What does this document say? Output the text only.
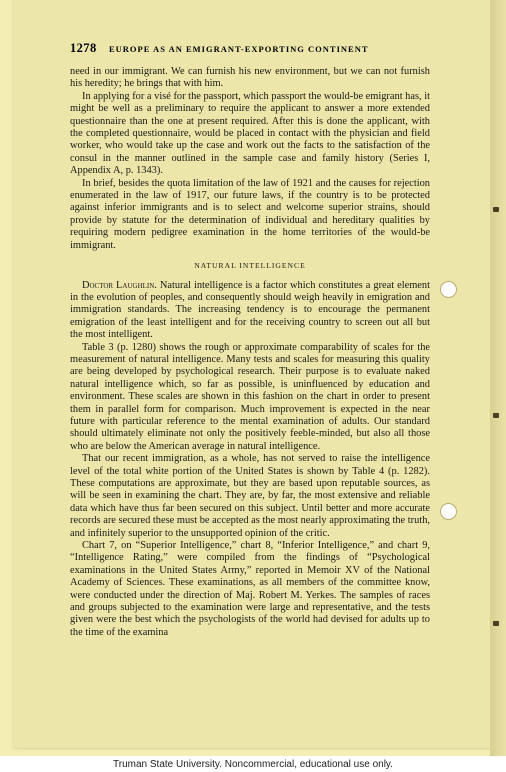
1278 EUROPE AS AN EMIGRANT-EXPORTING CONTINENT

need in our immigrant. We can furnish his new environment, but we can not furnish his heredity; he brings that with him.

In applying for a visé for the passport, which passport the would-be emigrant has, it might be well as a preliminary to require the applicant to answer a more extended questionnaire than the one at present required. After this is done the applicant, with the completed questionnaire, would be placed in contact with the physician and field worker, who would take up the case and work out the facts to the satisfaction of the consul in the manner outlined in the sample case and family history (Series I, Appendix A, p. 1343).

In brief, besides the quota limitation of the law of 1921 and the causes for rejection enumerated in the law of 1917, our future laws, if the country is to be protected against inferior immigrants and is to select and welcome superior strains, should provide by statute for the determination of individual and hereditary qualities by requiring modern pedigree examination in the home territories of the would-be immigrant.

NATURAL INTELLIGENCE

Doctor Laughlin. Natural intelligence is a factor which constitutes a great element in the evolution of peoples, and consequently should weigh heavily in emigration and immigration standards. The increasing tendency is to encourage the permanent emigration of the least intelligent and for the receiving country to screen out all but the most intelligent.

Table 3 (p. 1280) shows the rough or approximate comparability of scales for the measurement of natural intelligence. Many tests and scales for measuring this quality are being developed by psychological research. Their purpose is to evaluate naked natural intelligence which, so far as possible, is uninfluenced by education and environment. These scales are shown in this fashion on the chart in order to present them in parallel form for comparison. Much improvement is expected in the near future with particular reference to the mental examination of adults. Our standard should ultimately eliminate not only the positively feeble-minded, but also all those who are below the American average in natural intelligence.

That our recent immigration, as a whole, has not served to raise the intelligence level of the total white portion of the United States is shown by Table 4 (p. 1282). These computations are approximate, but they are based upon reputable sources, as will be seen in examining the chart. They are, by far, the most extensive and reliable data which have thus far been secured on this subject. Until better and more accurate records are secured these must be accepted as the most nearly approximating the truth, and infinitely superior to the unsupported opinion of the critic.

Chart 7, on “Superior Intelligence,” chart 8, “Inferior Intelligence,” and chart 9, “Intelligence Rating,” were compiled from the findings of “Psychological examinations in the United States Army,” reported in Memoir XV of the National Academy of Sciences. These examinations, as all members of the committee know, were conducted under the direction of Maj. Robert M. Yerkes. The samples of races and groups subjected to the examination were large and representative, and the tests given were the best which the psychologists of the world had devised for adults up to the time of the examina

Truman State University. Noncommercial, educational use only.
